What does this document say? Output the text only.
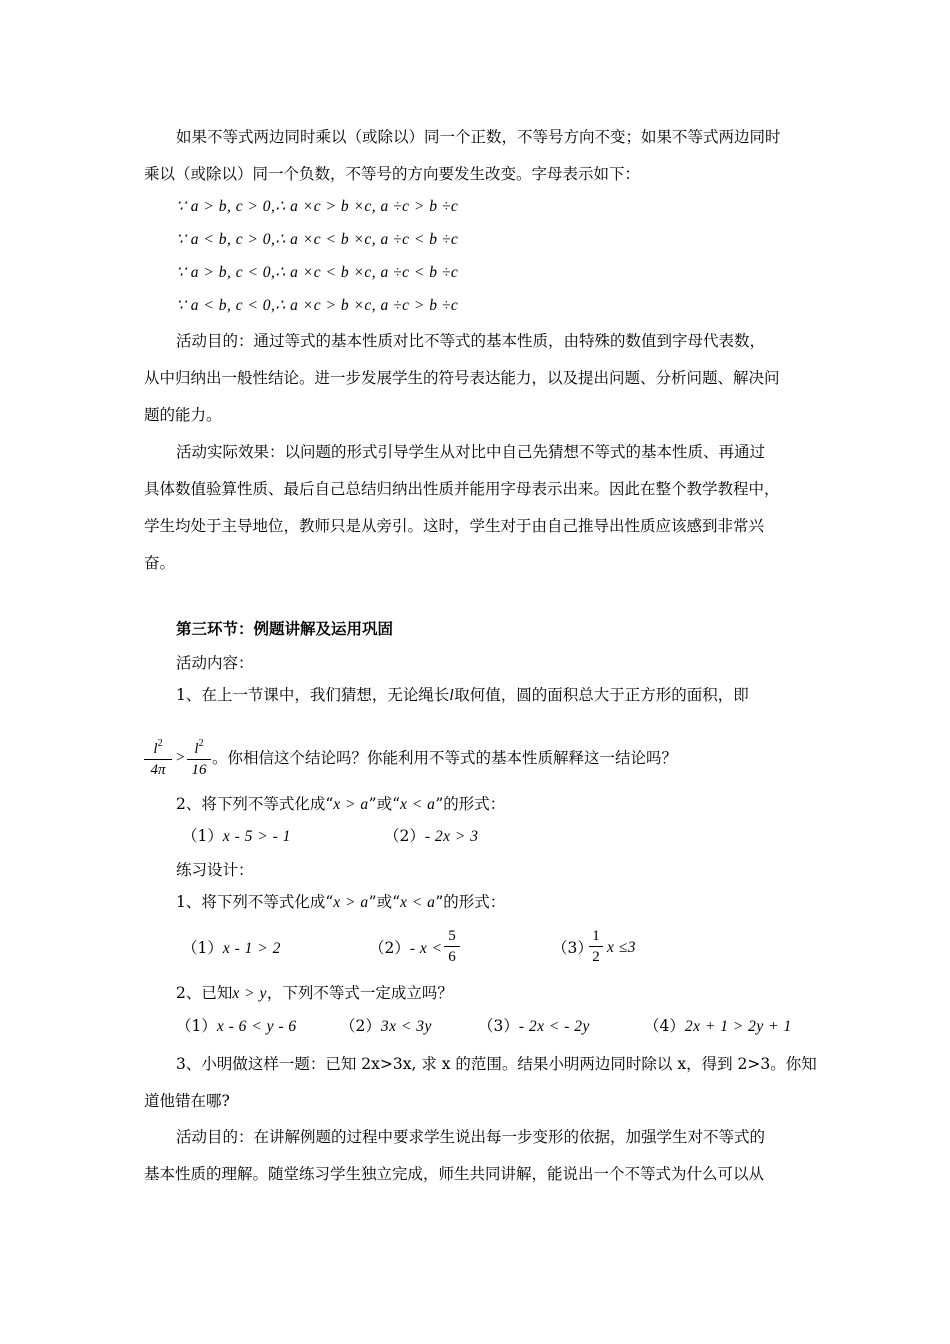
如果不等式两边同时乘以（或除以）同一个正数，不等号方向不变；如果不等式两边同时
乘以（或除以）同一个负数，不等号的方向要发生改变。字母表示如下：
∵ a > b, c > 0,∴ a ×c > b ×c, a ÷c > b ÷c
∵ a < b, c > 0,∴ a ×c < b ×c, a ÷c < b ÷c
∵ a > b, c < 0,∴ a ×c < b ×c, a ÷c < b ÷c
∵ a < b, c < 0,∴ a ×c > b ×c, a ÷c > b ÷c
活动目的：通过等式的基本性质对比不等式的基本性质，由特殊的数值到字母代表数，
从中归纳出一般性结论。进一步发展学生的符号表达能力，以及提出问题、分析问题、解决问
题的能力。
活动实际效果：以问题的形式引导学生从对比中自己先猜想不等式的基本性质、再通过
具体数值验算性质、最后自己总结归纳出性质并能用字母表示出来。因此在整个教学教程中，
学生均处于主导地位，教师只是从旁引。这时，学生对于由自己推导出性质应该感到非常兴
奋。
第三环节：例题讲解及运用巩固
活动内容：
1、在上一节课中，我们猜想，无论绳长l取何值，圆的面积总大于正方形的面积，即
$l^2$
4π
> $l^2$
16
。你相信这个结论吗？你能利用不等式的基本性质解释这一结论吗？
2、将下列不等式化成“x > a”或“x < a”的形式：
（1）x - 5 > - 1	（2）- 2x > 3
练习设计：
1、将下列不等式化成“x > a”或“x < a”的形式：
（1）x - 1 > 2	（2）- x <
5
6	（3）
1
2
x ≤3
2、已知x > y，下列不等式一定成立吗？
（1）x - 6 < y - 6	（2）3x < 3y	（3）- 2x < - 2y	（4）2x + 1 > 2y + 1
3、小明做这样一题：已知 2x>3x, 求 x 的范围。结果小明两边同时除以 x，得到 2>3。你知
道他错在哪?
活动目的：在讲解例题的过程中要求学生说出每一步变形的依据，加强学生对不等式的
基本性质的理解。随堂练习学生独立完成，师生共同讲解，能说出一个不等式为什么可以从
